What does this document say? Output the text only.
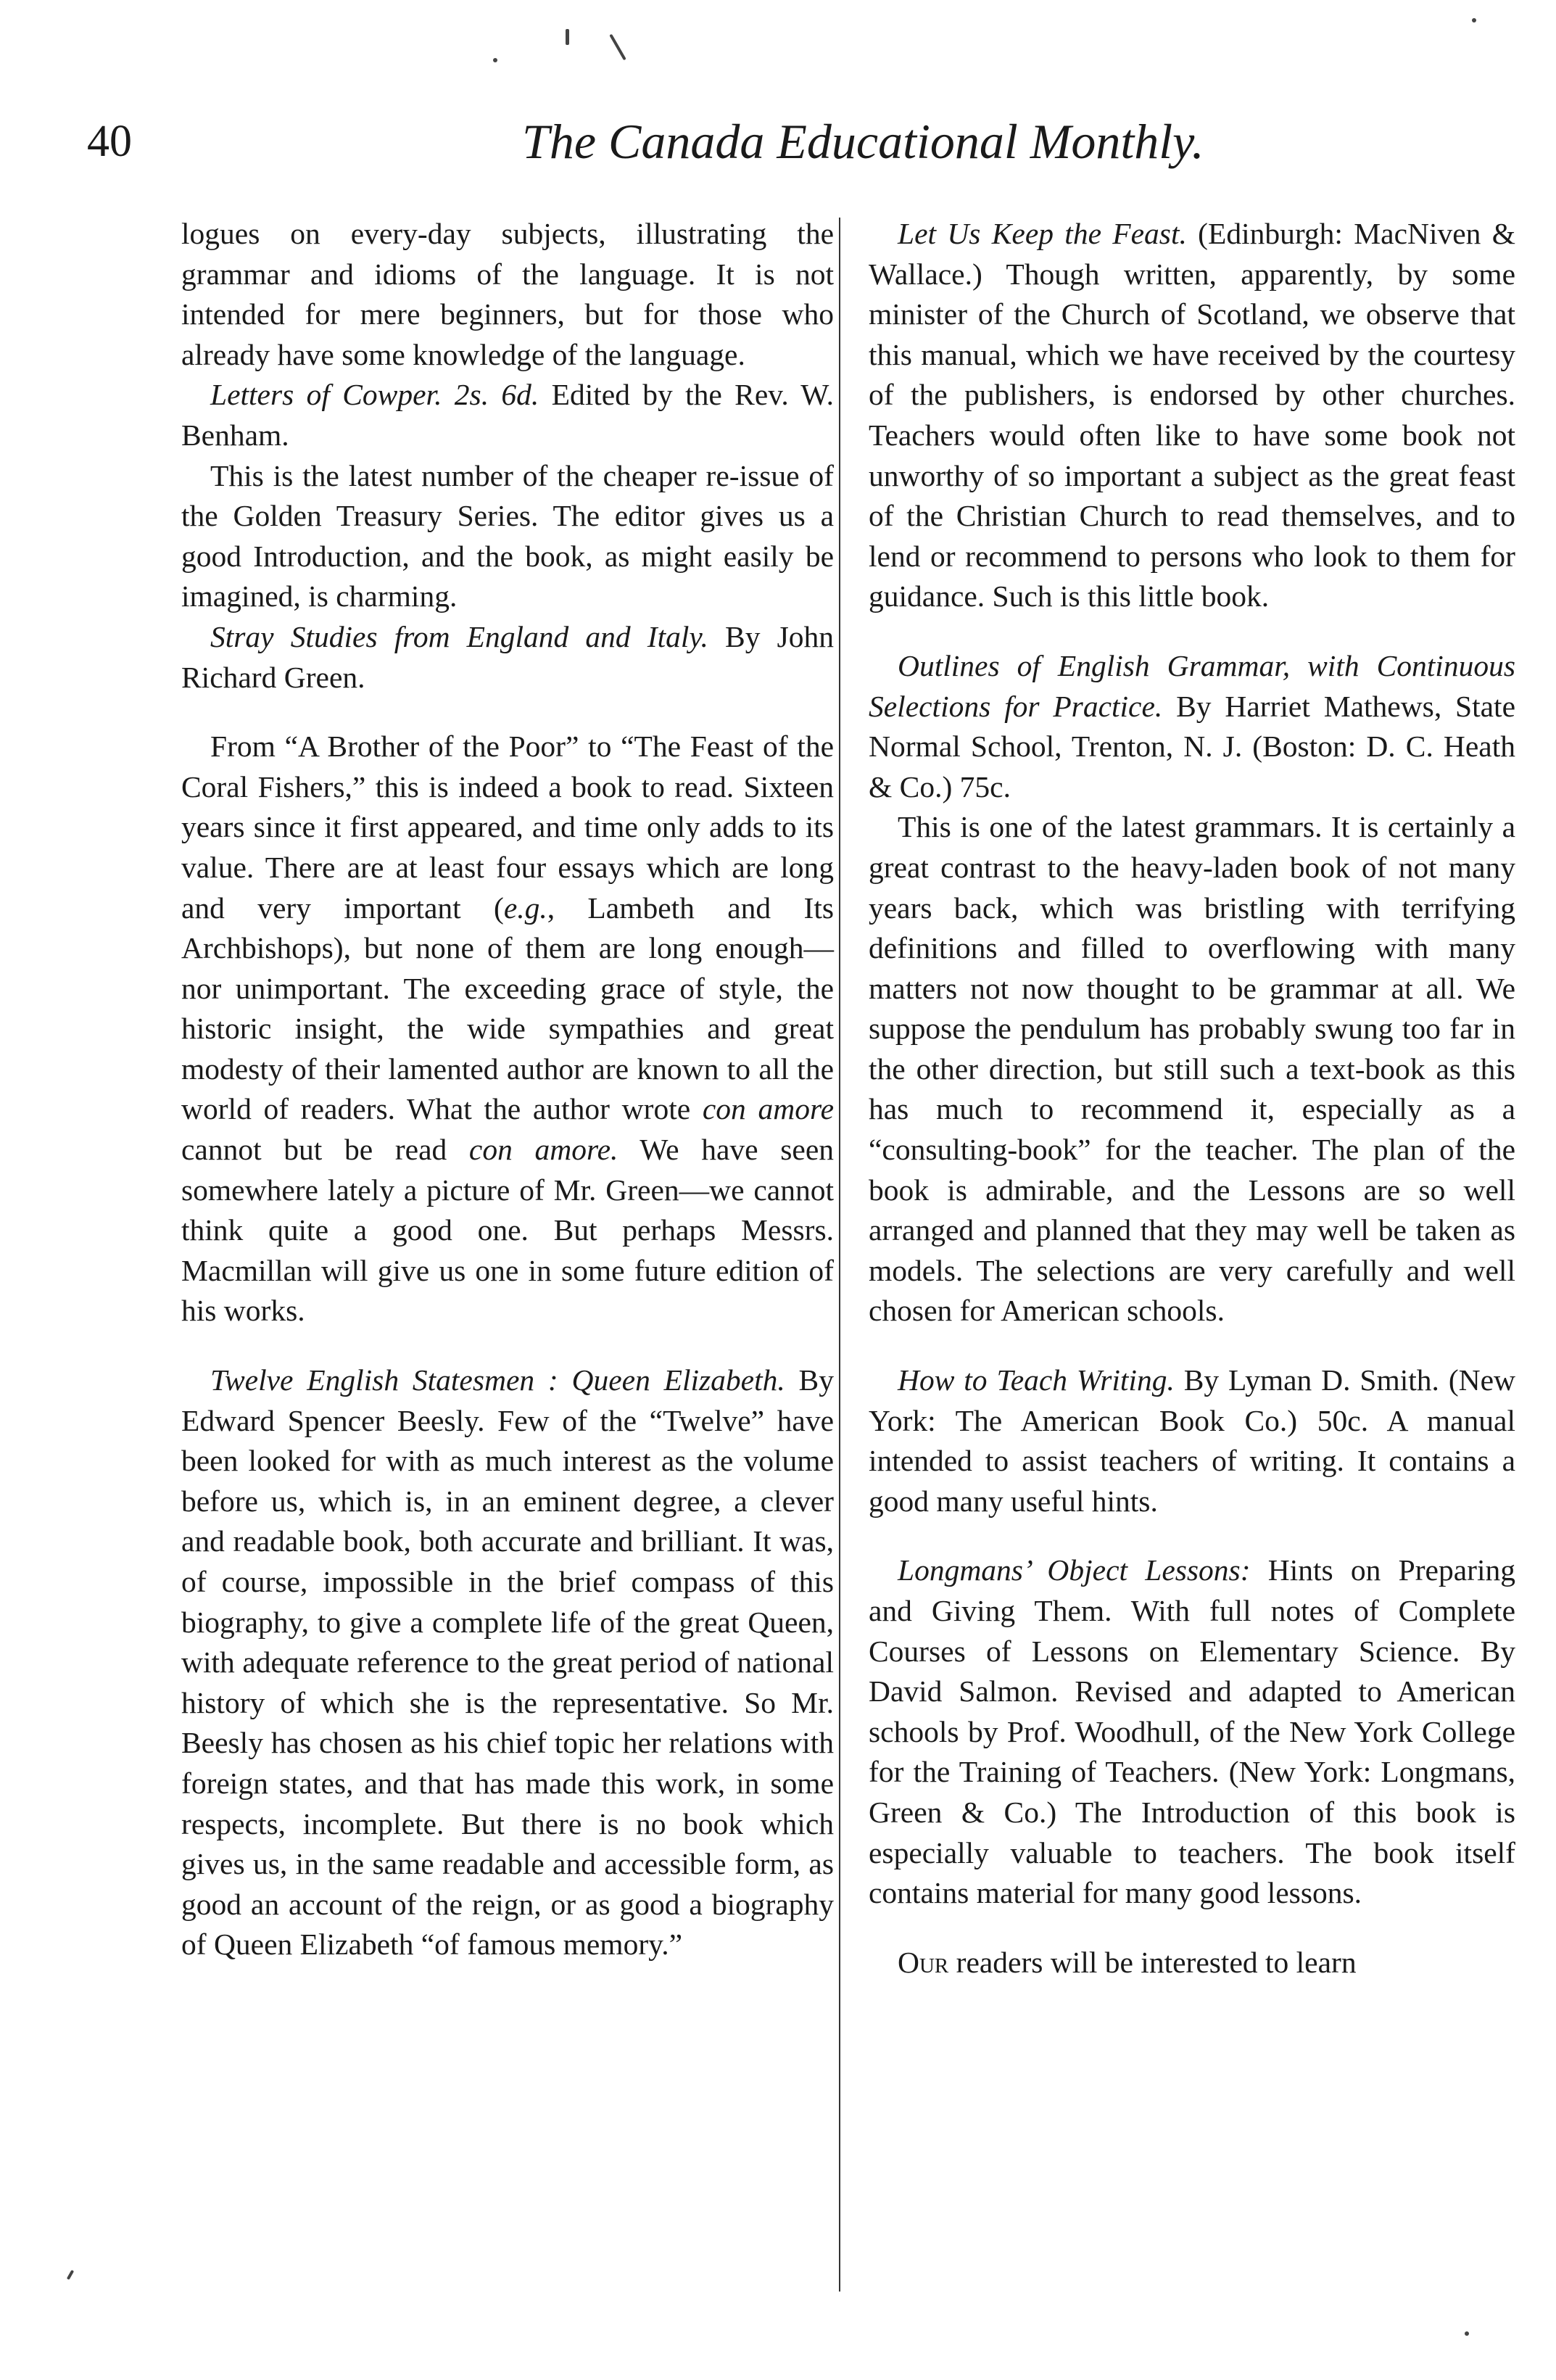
40	The Canada Educational Monthly.

logues on every-day subjects, illustrating the grammar and idioms of the language. It is not intended for mere beginners, but for those who already have some knowledge of the language.

Letters of Cowper. 2s. 6d. Edited by the Rev. W. Benham.

This is the latest number of the cheaper re-issue of the Golden Treasury Series. The editor gives us a good Introduction, and the book, as might easily be imagined, is charming.

Stray Studies from England and Italy. By John Richard Green.

From “A Brother of the Poor” to “The Feast of the Coral Fishers,” this is indeed a book to read. Sixteen years since it first appeared, and time only adds to its value. There are at least four essays which are long and very important (e.g., Lambeth and Its Archbishops), but none of them are long enough—nor unimportant. The exceeding grace of style, the historic insight, the wide sympathies and great modesty of their lamented author are known to all the world of readers. What the author wrote con amore cannot but be read con amore. We have seen somewhere lately a picture of Mr. Green—we cannot think quite a good one. But perhaps Messrs. Macmillan will give us one in some future edition of his works.

Twelve English Statesmen : Queen Elizabeth. By Edward Spencer Beesly. Few of the “Twelve” have been looked for with as much interest as the volume before us, which is, in an eminent degree, a clever and readable book, both accurate and brilliant. It was, of course, impossible in the brief compass of this biography, to give a complete life of the great Queen, with adequate reference to the great period of national history of which she is the representative. So Mr. Beesly has chosen as his chief topic her relations with foreign states, and that has made this work, in some respects, incomplete. But there is no book which gives us, in the same readable and accessible form, as good an account of the reign, or as good a biography of Queen Elizabeth “of famous memory.”

Let Us Keep the Feast. (Edinburgh: MacNiven & Wallace.) Though written, apparently, by some minister of the Church of Scotland, we observe that this manual, which we have received by the courtesy of the publishers, is endorsed by other churches. Teachers would often like to have some book not unworthy of so important a subject as the great feast of the Christian Church to read themselves, and to lend or recommend to persons who look to them for guidance. Such is this little book.

Outlines of English Grammar, with Continuous Selections for Practice. By Harriet Mathews, State Normal School, Trenton, N. J. (Boston: D. C. Heath & Co.) 75c.

This is one of the latest grammars. It is certainly a great contrast to the heavy-laden book of not many years back, which was bristling with terrifying definitions and filled to overflowing with many matters not now thought to be grammar at all. We suppose the pendulum has probably swung too far in the other direction, but still such a text-book as this has much to recommend it, especially as a “consulting-book” for the teacher. The plan of the book is admirable, and the Lessons are so well arranged and planned that they may well be taken as models. The selections are very carefully and well chosen for American schools.

How to Teach Writing. By Lyman D. Smith. (New York: The American Book Co.) 50c. A manual intended to assist teachers of writing. It contains a good many useful hints.

Longmans’ Object Lessons: Hints on Preparing and Giving Them. With full notes of Complete Courses of Lessons on Elementary Science. By David Salmon. Revised and adapted to American schools by Prof. Woodhull, of the New York College for the Training of Teachers. (New York: Longmans, Green & Co.) The Introduction of this book is especially valuable to teachers. The book itself contains material for many good lessons.

Our readers will be interested to learn
